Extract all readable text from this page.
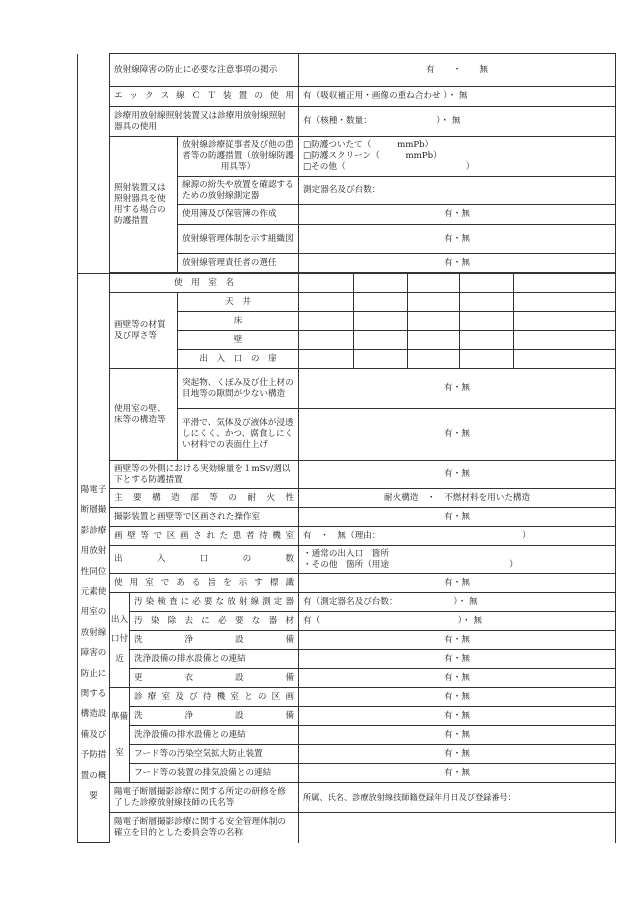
	放射線障害の防止に必要な注意事項の掲示			有 ・ 無				
	エックス線ＣＴ装置の使用			有（吸収補正用・画像の重ね合わせ ）・ 無				
	診療用放射線照射装置又は診療用放射線照射器具の使用			有（核種・数量：　　　　　　　　）・ 無				
	照射装置又は照射器具を使用する場合の防護措置		放射線診療従事者及び他の患者等の防護措置（放射線防護用具等）	□防護ついたて（　　　mmPb）
□防護スクリーン（　　　mmPb）
□その他（　　　　　　　　　　　　　　）				

			線源の紛失や放置を確認するための放射線測定器	測定器名及び台数：				
			使用簿及び保管簿の作成	有・無				
			放射線管理体制を示す組織図	有・無				
			放射線管理責任者の選任	有・無				

陽電子断層撮影診療用放射性同位元素使用室の放射線障害の防止に関する構造設備及び予防措置の概要	使　用　室　名							
	画壁等の材質及び厚さ等		天　井					
			床					
			壁					
			出　入　口　の　扉					
	使用室の壁、床等の構造等		突起物、くぼみ及び仕上材の目地等の隙間が少ない構造	有・無				
			平滑で、気体及び液体が浸透しにくく、かつ、腐食しにくい材料での表面仕上げ	有・無				
	画壁等の外側における実効線量を１mSv/週以下とする防護措置			有・無				
	主要構造部等の耐火性			耐火構造　・　不燃材料を用いた構造				
	撮影装置と画壁等で区画された操作室			有・無				
	画壁等で区画された患者待機室			有　・　無（理由：　　　　　　　　　　　　　　　　　）				
	出　入　口　の　数			・通常の出入口　箇所
・その他　箇所（用途　　　　　　　　　　　　　　）				

	使用室である旨を示す標識			有・無				
	出入口付近	汚染検査に必要な放射線測定器		有（測定器名及び台数：　　　　　　　）・ 無				
		汚染除去に必要な器材		有（　　　　　　　　　　　　　　　　）・ 無				
		洗　浄　設　備		有・無				
		洗浄設備の排水設備との連結		有・無				
		更　衣　設　備		有・無				
	準備室	診療室及び待機室との区画		有・無				
		洗　浄　設　備		有・無				
		洗浄設備の排水設備との連結		有・無				
		フード等の汚染空気拡大防止装置		有・無				
		フード等の装置の排気設備との連結		有・無				
	陽電子断層撮影診療に関する所定の研修を修了した診療放射線技師の氏名等			所属、氏名、診療放射線技師籍登録年月日及び登録番号：				
	陽電子断層撮影診療に関する安全管理体制の確立を目的とした委員会等の名称							
